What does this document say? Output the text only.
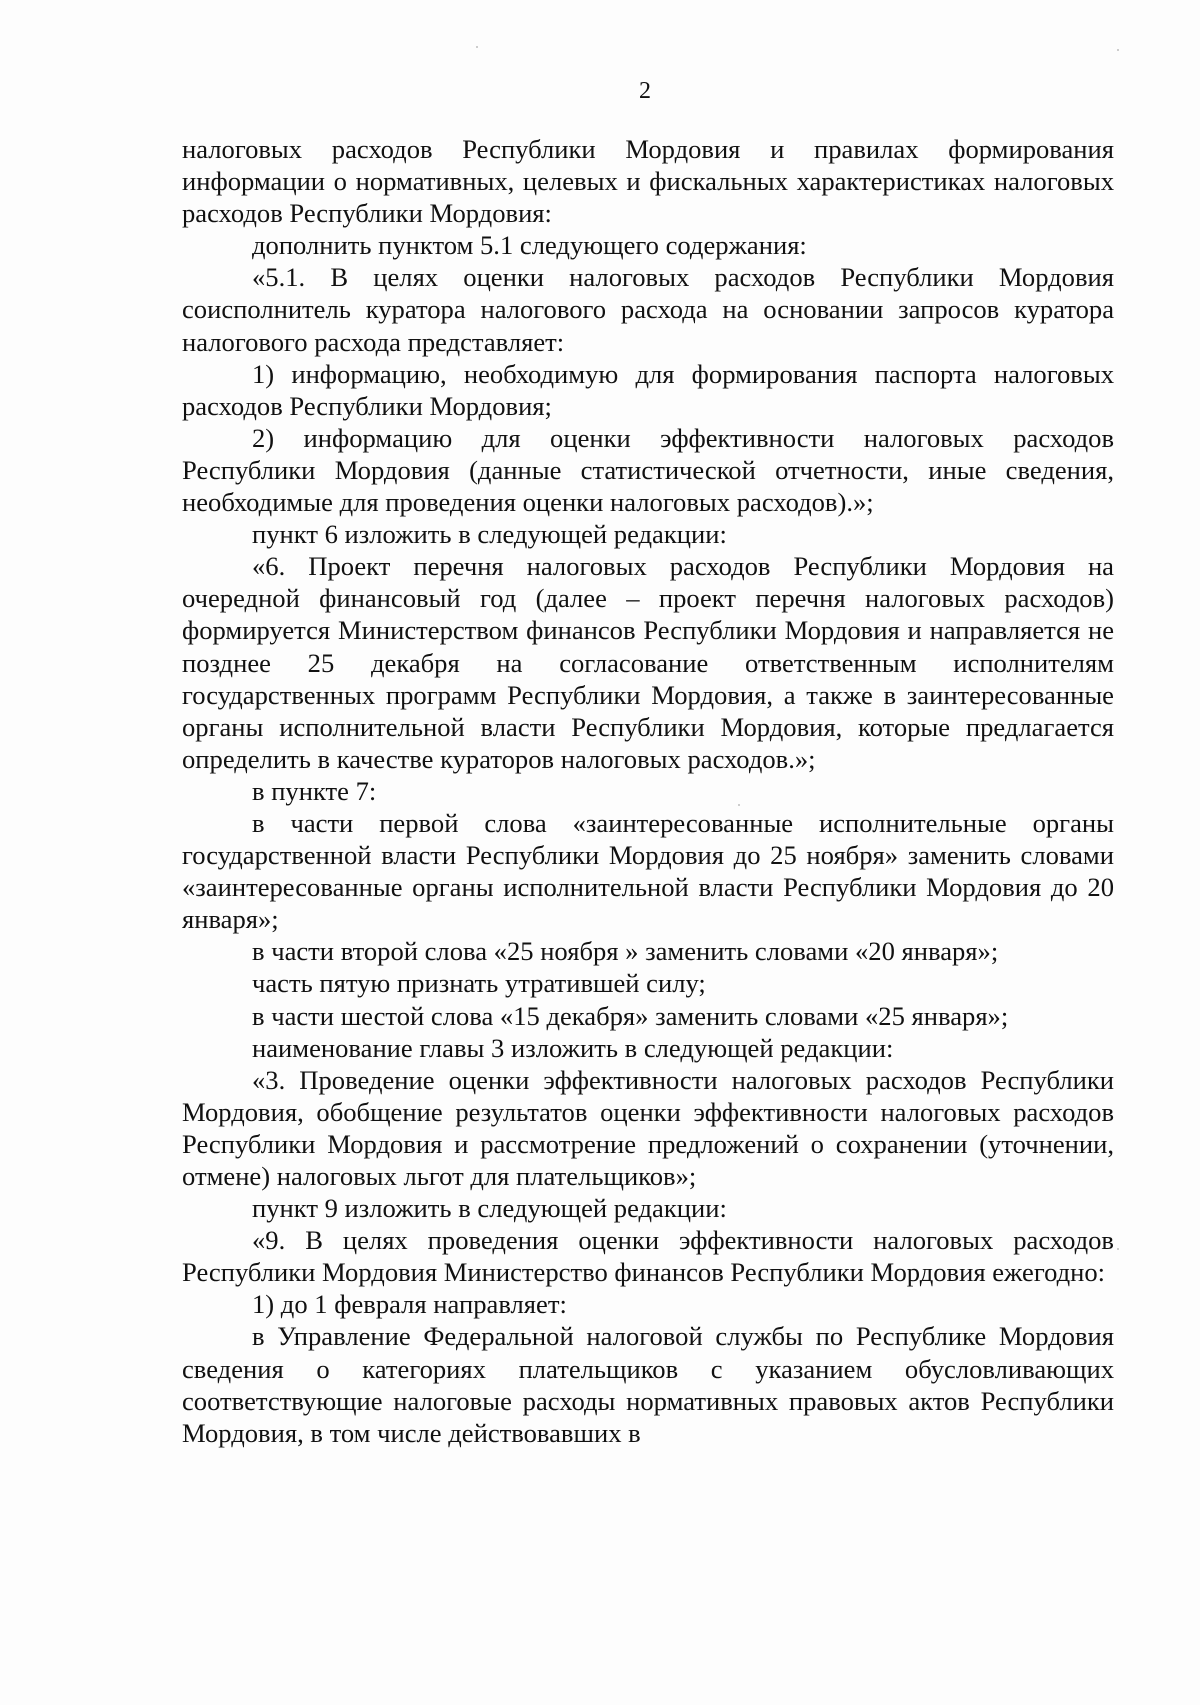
2

налоговых расходов Республики Мордовия и правилах формирования информации о нормативных, целевых и фискальных характеристиках налоговых расходов Республики Мордовия:

дополнить пунктом 5.1 следующего содержания:

«5.1. В целях оценки налоговых расходов Республики Мордовия соисполнитель куратора налогового расхода на основании запросов куратора налогового расхода представляет:

1) информацию, необходимую для формирования паспорта налоговых расходов Республики Мордовия;

2) информацию для оценки эффективности налоговых расходов Республики Мордовия (данные статистической отчетности, иные сведения, необходимые для проведения оценки налоговых расходов).»;

пункт 6 изложить в следующей редакции:

«6. Проект перечня налоговых расходов Республики Мордовия на очередной финансовый год (далее – проект перечня налоговых расходов) формируется Министерством финансов Республики Мордовия и направляется не позднее 25 декабря на согласование ответственным исполнителям государственных программ Республики Мордовия, а также в заинтересованные органы исполнительной власти Республики Мордовия, которые предлагается определить в качестве кураторов налоговых расходов.»;

в пункте 7:

в части первой слова «заинтересованные исполнительные органы государственной власти Республики Мордовия до 25 ноября» заменить словами «заинтересованные органы исполнительной власти Республики Мордовия до 20 января»;

в части второй слова «25 ноября » заменить словами «20 января»;

часть пятую признать утратившей силу;

в части шестой слова «15 декабря» заменить словами «25 января»;

наименование главы 3 изложить в следующей редакции:

«3. Проведение оценки эффективности налоговых расходов Республики Мордовия, обобщение результатов оценки эффективности налоговых расходов Республики Мордовия и рассмотрение предложений о сохранении (уточнении, отмене) налоговых льгот для плательщиков»;

пункт 9 изложить в следующей редакции:

«9. В целях проведения оценки эффективности налоговых расходов Республики Мордовия Министерство финансов Республики Мордовия ежегодно:

1) до 1 февраля направляет:

в Управление Федеральной налоговой службы по Республике Мордовия сведения о категориях плательщиков с указанием обусловливающих соответствующие налоговые расходы нормативных правовых актов Республики Мордовия, в том числе действовавших в
